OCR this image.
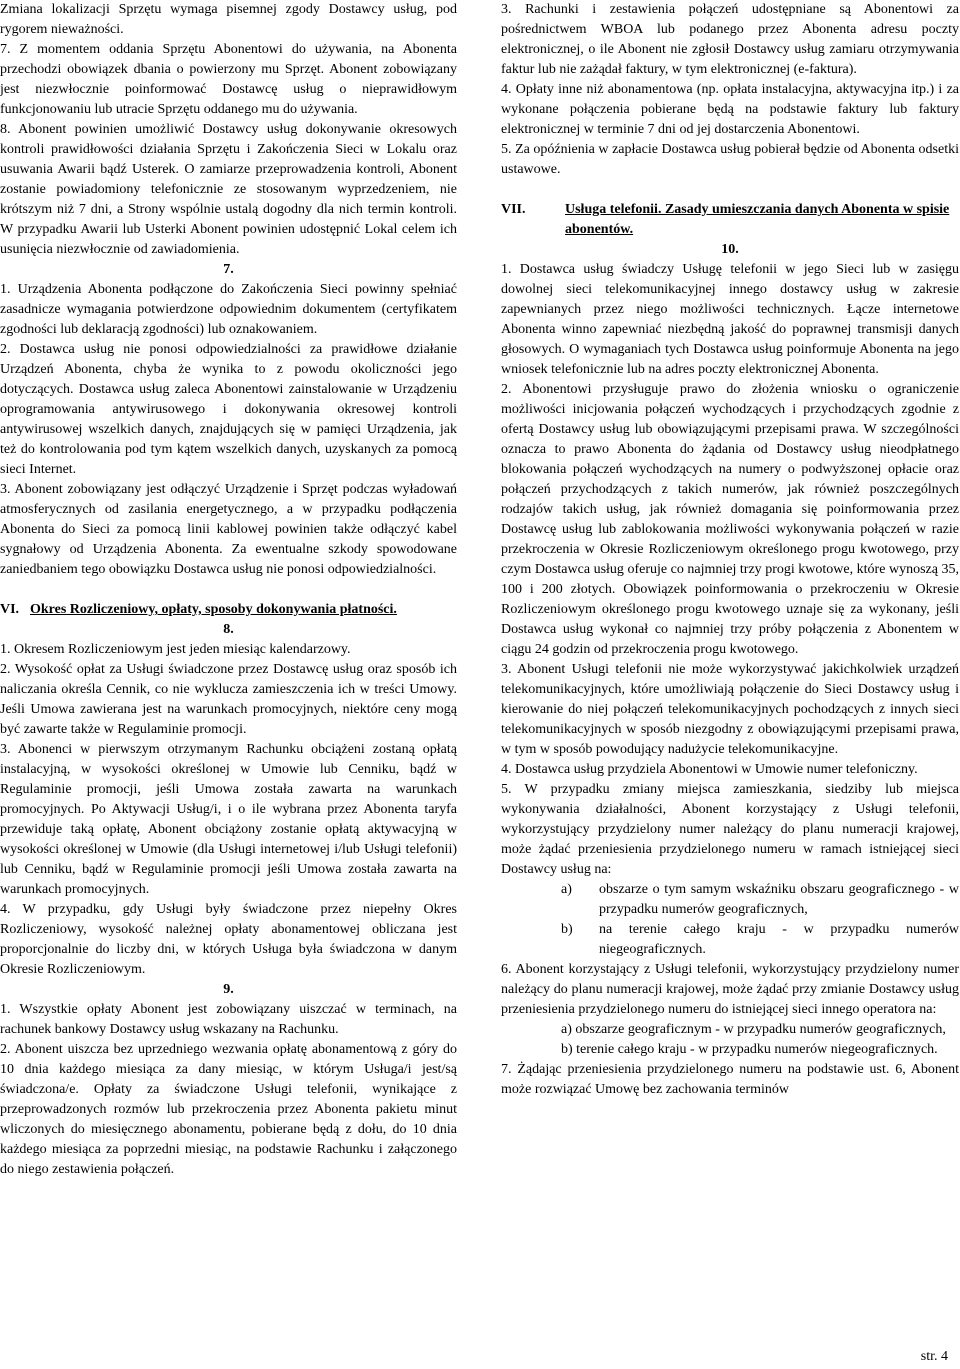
Zmiana lokalizacji Sprzętu wymaga pisemnej zgody Dostawcy usług, pod rygorem nieważności.

7. Z momentem oddania Sprzętu Abonentowi do używania, na Abonenta przechodzi obowiązek dbania o powierzony mu Sprzęt. Abonent zobowiązany jest niezwłocznie poinformować Dostawcę usług o nieprawidłowym funkcjonowaniu lub utracie Sprzętu oddanego mu do używania.

8. Abonent powinien umożliwić Dostawcy usług dokonywanie okresowych kontroli prawidłowości działania Sprzętu i Zakończenia Sieci w Lokalu oraz usuwania Awarii bądź Usterek. O zamiarze przeprowadzenia kontroli, Abonent zostanie powiadomiony telefonicznie ze stosowanym wyprzedzeniem, nie krótszym niż 7 dni, a Strony wspólnie ustalą dogodny dla nich termin kontroli. W przypadku Awarii lub Usterki Abonent powinien udostępnić Lokal celem ich usunięcia niezwłocznie od zawiadomienia.

7.

1. Urządzenia Abonenta podłączone do Zakończenia Sieci powinny spełniać zasadnicze wymagania potwierdzone odpowiednim dokumentem (certyfikatem zgodności lub deklaracją zgodności) lub oznakowaniem.

2. Dostawca usług nie ponosi odpowiedzialności za prawidłowe działanie Urządzeń Abonenta, chyba że wynika to z powodu okoliczności jego dotyczących. Dostawca usług zaleca Abonentowi zainstalowanie w Urządzeniu oprogramowania antywirusowego i dokonywania okresowej kontroli antywirusowej wszelkich danych, znajdujących się w pamięci Urządzenia, jak też do kontrolowania pod tym kątem wszelkich danych, uzyskanych za pomocą sieci Internet.

3. Abonent zobowiązany jest odłączyć Urządzenie i Sprzęt podczas wyładowań atmosferycznych od zasilania energetycznego, a w przypadku podłączenia Abonenta do Sieci za pomocą linii kablowej powinien także odłączyć kabel sygnałowy od Urządzenia Abonenta. Za ewentualne szkody spowodowane zaniedbaniem tego obowiązku Dostawca usług nie ponosi odpowiedzialności.

VI. Okres Rozliczeniowy, opłaty, sposoby dokonywania płatności.

8.

1. Okresem Rozliczeniowym jest jeden miesiąc kalendarzowy.

2. Wysokość opłat za Usługi świadczone przez Dostawcę usług oraz sposób ich naliczania określa Cennik, co nie wyklucza zamieszczenia ich w treści Umowy. Jeśli Umowa zawierana jest na warunkach promocyjnych, niektóre ceny mogą być zawarte także w Regulaminie promocji.

3. Abonenci w pierwszym otrzymanym Rachunku obciążeni zostaną opłatą instalacyjną, w wysokości określonej w Umowie lub Cenniku, bądź w Regulaminie promocji, jeśli Umowa została zawarta na warunkach promocyjnych. Po Aktywacji Usług/i, i o ile wybrana przez Abonenta taryfa przewiduje taką opłatę, Abonent obciążony zostanie opłatą aktywacyjną w wysokości określonej w Umowie (dla Usługi internetowej i/lub Usługi telefonii) lub Cenniku, bądź w Regulaminie promocji jeśli Umowa została zawarta na warunkach promocyjnych.

4. W przypadku, gdy Usługi były świadczone przez niepełny Okres Rozliczeniowy, wysokość należnej opłaty abonamentowej obliczana jest proporcjonalnie do liczby dni, w których Usługa była świadczona w danym Okresie Rozliczeniowym.

9.

1. Wszystkie opłaty Abonent jest zobowiązany uiszczać w terminach, na rachunek bankowy Dostawcy usług wskazany na Rachunku.

2. Abonent uiszcza bez uprzedniego wezwania opłatę abonamentową z góry do 10 dnia każdego miesiąca za dany miesiąc, w którym Usługa/i jest/są świadczona/e. Opłaty za świadczone Usługi telefonii, wynikające z przeprowadzonych rozmów lub przekroczenia przez Abonenta pakietu minut wliczonych do miesięcznego abonamentu, pobierane będą z dołu, do 10 dnia każdego miesiąca za poprzedni miesiąc, na podstawie Rachunku i załączonego do niego zestawienia połączeń.

3. Rachunki i zestawienia połączeń udostępniane są Abonentowi za pośrednictwem WBOA lub podanego przez Abonenta adresu poczty elektronicznej, o ile Abonent nie zgłosił Dostawcy usług zamiaru otrzymywania faktur lub nie zażądał faktury, w tym elektronicznej (e-faktura).

4. Opłaty inne niż abonamentowa (np. opłata instalacyjna, aktywacyjna itp.) i za wykonane połączenia pobierane będą na podstawie faktury lub faktury elektronicznej w terminie 7 dni od jej dostarczenia Abonentowi.

5. Za opóźnienia w zapłacie Dostawca usług pobierał będzie od Abonenta odsetki ustawowe.

VII.	Usługa telefonii. Zasady umieszczania danych Abonenta w spisie abonentów.

10.

1. Dostawca usług świadczy Usługę telefonii w jego Sieci lub w zasięgu dowolnej sieci telekomunikacyjnej innego dostawcy usług w zakresie zapewnianych przez niego możliwości technicznych. Łącze internetowe Abonenta winno zapewniać niezbędną jakość do poprawnej transmisji danych głosowych. O wymaganiach tych Dostawca usług poinformuje Abonenta na jego wniosek telefonicznie lub na adres poczty elektronicznej Abonenta.

2. Abonentowi przysługuje prawo do złożenia wniosku o ograniczenie możliwości inicjowania połączeń wychodzących i przychodzących zgodnie z ofertą Dostawcy usług lub obowiązującymi przepisami prawa. W szczególności oznacza to prawo Abonenta do żądania od Dostawcy usług nieodpłatnego blokowania połączeń wychodzących na numery o podwyższonej opłacie oraz połączeń przychodzących z takich numerów, jak również poszczególnych rodzajów takich usług, jak również domagania się poinformowania przez Dostawcę usług lub zablokowania możliwości wykonywania połączeń w razie przekroczenia w Okresie Rozliczeniowym określonego progu kwotowego, przy czym Dostawca usług oferuje co najmniej trzy progi kwotowe, które wynoszą 35, 100 i 200 złotych. Obowiązek poinformowania o przekroczeniu w Okresie Rozliczeniowym określonego progu kwotowego uznaje się za wykonany, jeśli Dostawca usług wykonał co najmniej trzy próby połączenia z Abonentem w ciągu 24 godzin od przekroczenia progu kwotowego.

3. Abonent Usługi telefonii nie może wykorzystywać jakichkolwiek urządzeń telekomunikacyjnych, które umożliwiają połączenie do Sieci Dostawcy usług i kierowanie do niej połączeń telekomunikacyjnych pochodzących z innych sieci telekomunikacyjnych w sposób niezgodny z obowiązującymi przepisami prawa, w tym w sposób powodujący nadużycie telekomunikacyjne.

4. Dostawca usług przydziela Abonentowi w Umowie numer telefoniczny.

5. W przypadku zmiany miejsca zamieszkania, siedziby lub miejsca wykonywania działalności, Abonent korzystający z Usługi telefonii, wykorzystujący przydzielony numer należący do planu numeracji krajowej, może żądać przeniesienia przydzielonego numeru w ramach istniejącej sieci Dostawcy usług na:

a)	obszarze o tym samym wskaźniku obszaru geograficznego - w przypadku numerów geograficznych,
b)	na terenie całego kraju - w przypadku numerów niegeograficznych.

6. Abonent korzystający z Usługi telefonii, wykorzystujący przydzielony numer należący do planu numeracji krajowej, może żądać przy zmianie Dostawcy usług przeniesienia przydzielonego numeru do istniejącej sieci innego operatora na:

a) obszarze geograficznym - w przypadku numerów geograficznych,

b) terenie całego kraju - w przypadku numerów niegeograficznych.

7. Żądając przeniesienia przydzielonego numeru na podstawie ust. 6, Abonent może rozwiązać Umowę bez zachowania terminów

str. 4
